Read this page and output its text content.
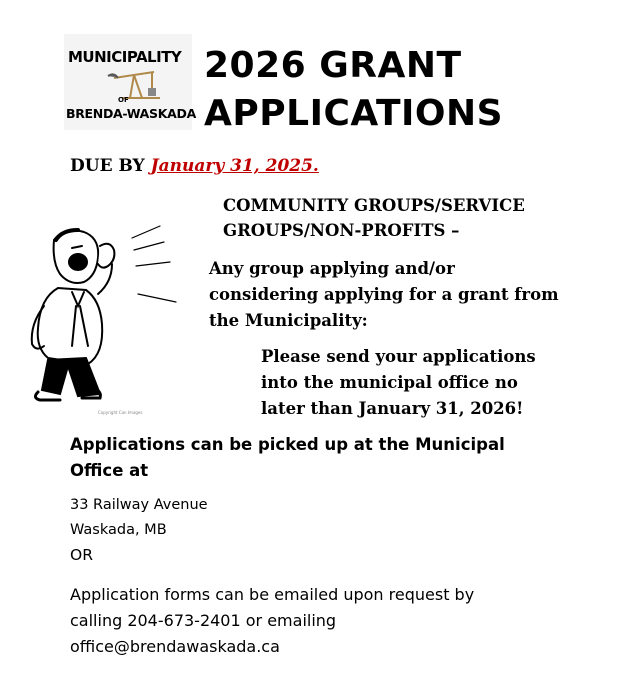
MUNICIPALITY
OF
BRENDA-WASKADA
2026 GRANT
APPLICATIONS
DUE BY January 31, 2025.
Copyright Can Images
COMMUNITY GROUPS/SERVICE
GROUPS/NON-PROFITS –
Any group applying and/or
considering applying for a grant from
the Municipality:
Please send your applications
into the municipal office no
later than January 31, 2026!
Applications can be picked up at the Municipal
Office at
33 Railway Avenue
Waskada, MB
OR
Application forms can be emailed upon request by
calling 204-673-2401 or emailing
office@brendawaskada.ca
